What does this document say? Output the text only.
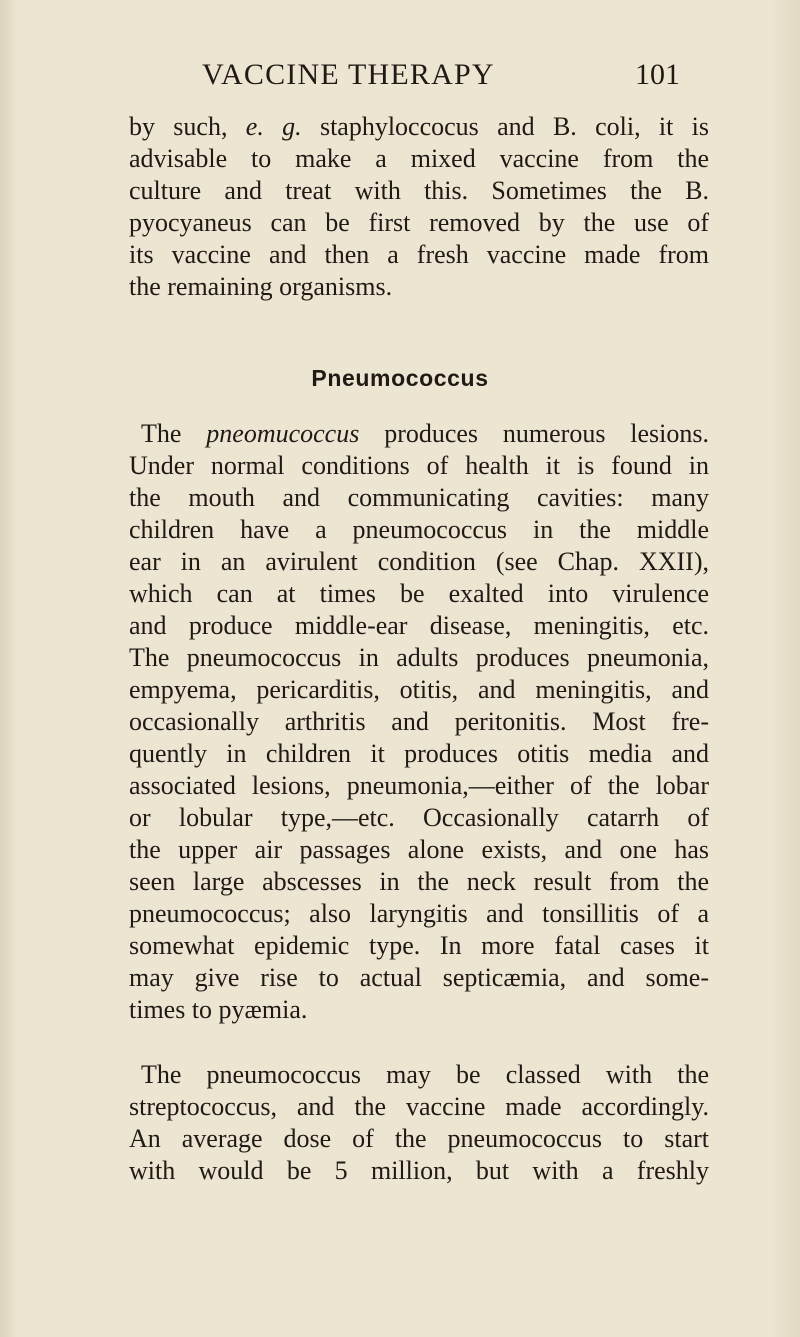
VACCINE THERAPY	101
by such, e. g. staphyloccocus and B. coli, it is
advisable to make a mixed vaccine from the
culture and treat with this. Sometimes the B.
pyocyaneus can be first removed by the use of
its vaccine and then a fresh vaccine made from
the remaining organisms.
Pneumococcus
The pneomucoccus produces numerous lesions.
Under normal conditions of health it is found in
the mouth and communicating cavities: many
children have a pneumococcus in the middle
ear in an avirulent condition (see Chap. XXII),
which can at times be exalted into virulence
and produce middle-ear disease, meningitis, etc.
The pneumococcus in adults produces pneumonia,
empyema, pericarditis, otitis, and meningitis, and
occasionally arthritis and peritonitis. Most fre-
quently in children it produces otitis media and
associated lesions, pneumonia,—either of the lobar
or lobular type,—etc. Occasionally catarrh of
the upper air passages alone exists, and one has
seen large abscesses in the neck result from the
pneumococcus; also laryngitis and tonsillitis of a
somewhat epidemic type. In more fatal cases it
may give rise to actual septicæmia, and some-
times to pyæmia.
The pneumococcus may be classed with the
streptococcus, and the vaccine made accordingly.
An average dose of the pneumococcus to start
with would be 5 million, but with a freshly
